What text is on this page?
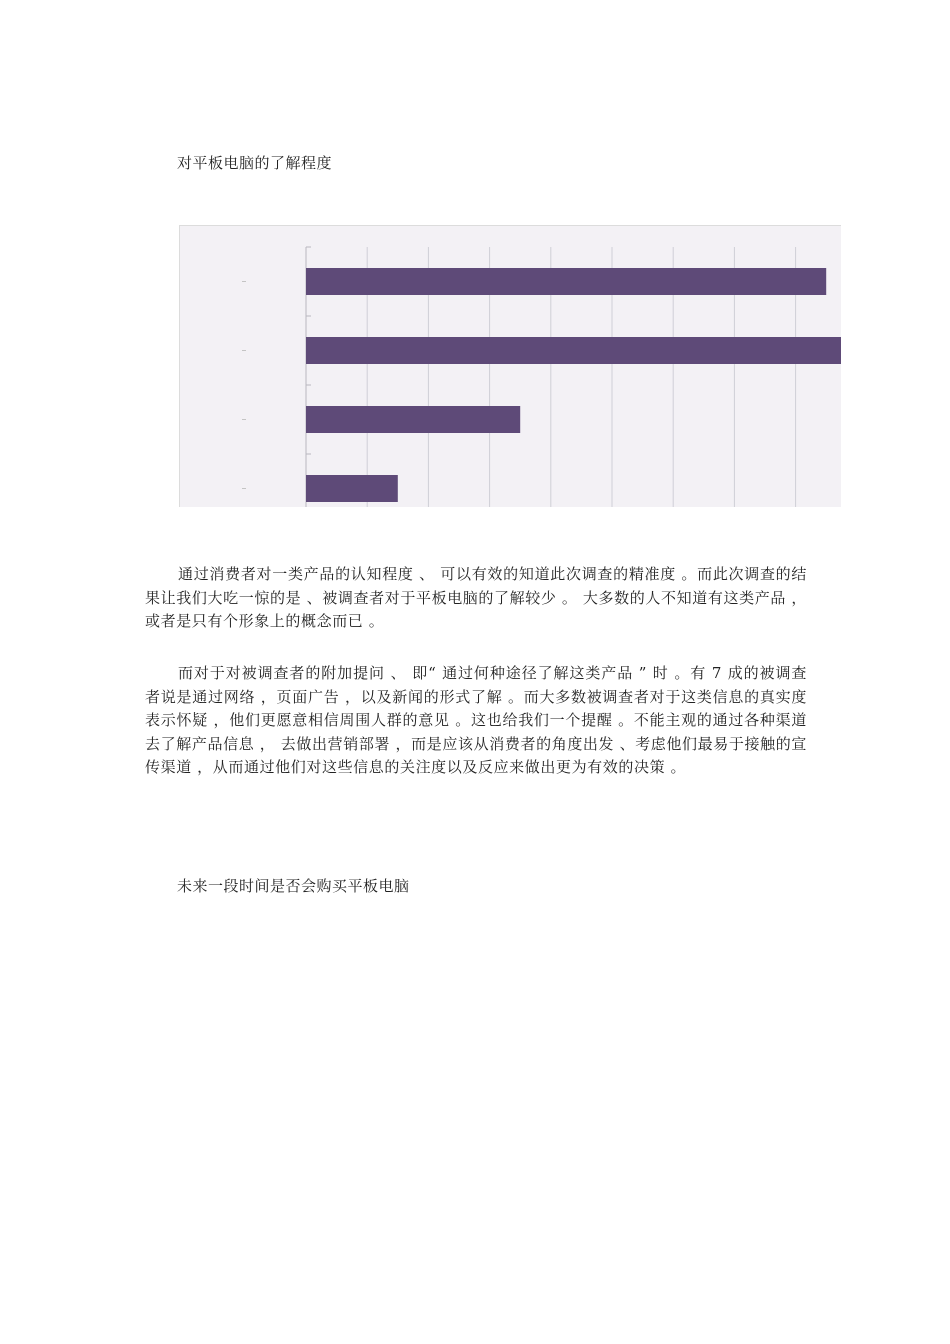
对平板电脑的了解程度

通过消费者对一类产品的认知程度 、 可以有效的知道此次调查的精准度 。而此次调查的结果让我们大吃一惊的是 、被调查者对于平板电脑的了解较少 。 大多数的人不知道有这类产品 ，或者是只有个形象上的概念而已 。

而对于对被调查者的附加提问 、 即“ 通过何种途径了解这类产品 ” 时 。有 7 成的被调查者说是通过网络 ，页面广告 ，以及新闻的形式了解 。而大多数被调查者对于这类信息的真实度表示怀疑 ，他们更愿意相信周围人群的意见 。这也给我们一个提醒 。不能主观的通过各种渠道去了解产品信息 ， 去做出营销部署 ，而是应该从消费者的角度出发 、考虑他们最易于接触的宣传渠道 ，从而通过他们对这些信息的关注度以及反应来做出更为有效的决策 。

未来一段时间是否会购买平板电脑
